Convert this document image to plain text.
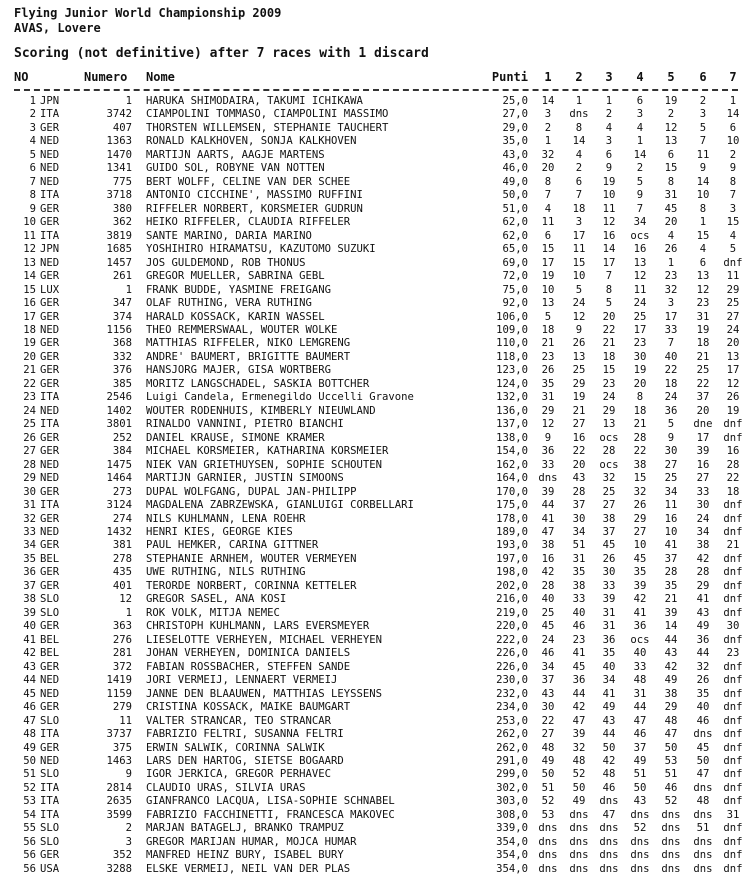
Flying Junior World Championship 2009
AVAS, Lovere
Scoring (not definitive) after 7 races with 1 discard
NO	Numero	Nome	Punti	1	2	3	4	5	6	7
1 JPN	1 HARUKA SHIMODAIRA, TAKUMI ICHIKAWA	25,0	14	1	1	6	19	2	1
2 ITA	3742 CIAMPOLINI TOMMASO, CIAMPOLINI MASSIMO	27,0	3	dns	2	3	2	3	14
3 GER	407 THORSTEN WILLEMSEN, STEPHANIE TAUCHERT	29,0	2	8	4	4	12	5	6
4 NED	1363 RONALD KALKHOVEN, SONJA KALKHOVEN	35,0	1	14	3	1	13	7	10
5 NED	1470 MARTIJN AARTS, AAGJE MARTENS	43,0	32	4	6	14	6	11	2
6 NED	1341 GUIDO SOL, ROBYNE VAN NOTTEN	46,0	20	2	9	2	15	9	9
7 NED	775 BERT WOLFF, CELINE VAN DER SCHEE	49,0	8	6	19	5	8	14	8
8 ITA	3718 ANTONIO CICCHINE', MASSIMO RUFFINI	50,0	7	7	10	9	31	10	7
9 GER	380 RIFFELER NORBERT, KORSMEIER GUDRUN	51,0	4	18	11	7	45	8	3
10 GER	362 HEIKO RIFFELER, CLAUDIA RIFFELER	62,0	11	3	12	34	20	1	15
11 ITA	3819 SANTE MARINO, DARIA MARINO	62,0	6	17	16	ocs	4	15	4
12 JPN	1685 YOSHIHIRO HIRAMATSU, KAZUTOMO SUZUKI	65,0	15	11	14	16	26	4	5
13 NED	1457 JOS GULDEMOND, ROB THONUS	69,0	17	15	17	13	1	6	dnf
14 GER	261 GREGOR MUELLER, SABRINA GEBL	72,0	19	10	7	12	23	13	11
15 LUX	1 FRANK BUDDE, YASMINE FREIGANG	75,0	10	5	8	11	32	12	29
16 GER	347 OLAF RUTHING, VERA RUTHING	92,0	13	24	5	24	3	23	25
17 GER	374 HARALD KOSSACK, KARIN WASSEL	106,0	5	12	20	25	17	31	27
18 NED	1156 THEO REMMERSWAAL, WOUTER WOLKE	109,0	18	9	22	17	33	19	24
19 GER	368 MATTHIAS RIFFELER, NIKO LEMGRENG	110,0	21	26	21	23	7	18	20
20 GER	332 ANDRE' BAUMERT, BRIGITTE BAUMERT	118,0	23	13	18	30	40	21	13
21 GER	376 HANSJORG MAJER, GISA WORTBERG	123,0	26	25	15	19	22	25	17
22 GER	385 MORITZ LANGSCHADEL, SASKIA BOTTCHER	124,0	35	29	23	20	18	22	12
23 ITA	2546 Luigi Candela, Ermenegildo Uccelli Gravone	132,0	31	19	24	8	24	37	26
24 NED	1402 WOUTER RODENHUIS, KIMBERLY NIEUWLAND	136,0	29	21	29	18	36	20	19
25 ITA	3801 RINALDO VANNINI, PIETRO BIANCHI	137,0	12	27	13	21	5	dne dnf
26 GER	252 DANIEL KRAUSE, SIMONE KRAMER	138,0	9	16	ocs	28	9	17	dnf
27 GER	384 MICHAEL KORSMEIER, KATHARINA KORSMEIER	154,0	36	22	28	22	30	39	16
28 NED	1475 NIEK VAN GRIETHUYSEN, SOPHIE SCHOUTEN	162,0	33	20	ocs	38	27	16	28
29 NED	1464 MARTIJN GARNIER, JUSTIN SIMOONS	164,0 dns	43	32	15	25	27	22
30 GER	273 DUPAL WOLFGANG, DUPAL JAN-PHILIPP	170,0	39	28	25	32	34	33	18
31 ITA	3124 MAGDALENA ZABRZEWSKA, GIANLUIGI CORBELLARI	175,0	44	37	27	26	11	30	dnf
32 GER	274 NILS KUHLMANN, LENA ROEHR	178,0	41	30	38	29	16	24	dnf
33 NED	1432 HENRI KIES, GEORGE KIES	189,0	47	34	37	27	10	34	dnf
34 GER	381 PAUL HEMKER, CARINA GITTNER	193,0	38	51	45	10	41	38	21
35 BEL	278 STEPHANIE ARNHEM, WOUTER VERMEYEN	197,0	16	31	26	45	37	42	dnf
36 GER	435 UWE RUTHING, NILS RUTHING	198,0	42	35	30	35	28	28	dnf
37 GER	401 TERORDE NORBERT, CORINNA KETTELER	202,0	28	38	33	39	35	29	dnf
38 SLO	12 GREGOR SASEL, ANA KOSI	216,0	40	33	39	42	21	41	dnf
39 SLO	1 ROK VOLK, MITJA NEMEC	219,0	25	40	31	41	39	43	dnf
40 GER	363 CHRISTOPH KUHLMANN, LARS EVERSMEYER	220,0	45	46	31	36	14	49	30
41 BEL	276 LIESELOTTE VERHEYEN, MICHAEL VERHEYEN	222,0	24	23	36	ocs	44	36	dnf
42 BEL	281 JOHAN VERHEYEN, DOMINICA DANIELS	226,0	46	41	35	40	43	44	23
43 GER	372 FABIAN ROSSBACHER, STEFFEN SANDE	226,0	34	45	40	33	42	32	dnf
44 NED	1419 JORI VERMEIJ, LENNAERT VERMEIJ	230,0	37	36	34	48	49	26	dnf
45 NED	1159 JANNE DEN BLAAUWEN, MATTHIAS LEYSSENS	232,0	43	44	41	31	38	35	dnf
46 GER	279 CRISTINA KOSSACK, MAIKE BAUMGART	234,0	30	42	49	44	29	40	dnf
47 SLO	11 VALTER STRANCAR, TEO STRANCAR	253,0	22	47	43	47	48	46	dnf
48 ITA	3737 FABRIZIO FELTRI, SUSANNA FELTRI	262,0	27	39	44	46	47	dns dnf
49 GER	375 ERWIN SALWIK, CORINNA SALWIK	262,0	48	32	50	37	50	45	dnf
50 NED	1463 LARS DEN HARTOG, SIETSE BOGAARD	291,0	49	48	42	49	53	50	dnf
51 SLO	9 IGOR JERKICA, GREGOR PERHAVEC	299,0	50	52	48	51	51	47	dnf
52 ITA	2814 CLAUDIO URAS, SILVIA URAS	302,0	51	50	46	50	46	dns dnf
53 ITA	2635 GIANFRANCO LACQUA, LISA-SOPHIE SCHNABEL	303,0	52	49	dns	43	52	48	dnf
54 ITA	3599 FABRIZIO FACCHINETTI, FRANCESCA MAKOVEC	308,0	53	dns	47	dns dns dns	31
55 SLO	2 MARJAN BATAGELJ, BRANKO TRAMPUZ	339,0 dns dns dns	52	dns	51	dnf
56 SLO	3 GREGOR MARIJAN HUMAR, MOJCA HUMAR	354,0 dns dns dns dns dns dns dnf
56 GER	352 MANFRED HEINZ BURY, ISABEL BURY	354,0 dns dns dns dns dns dns dnf
56 USA	3288 ELSKE VERMEIJ, NEIL VAN DER PLAS	354,0 dns dns dns dns dns dns dnf
